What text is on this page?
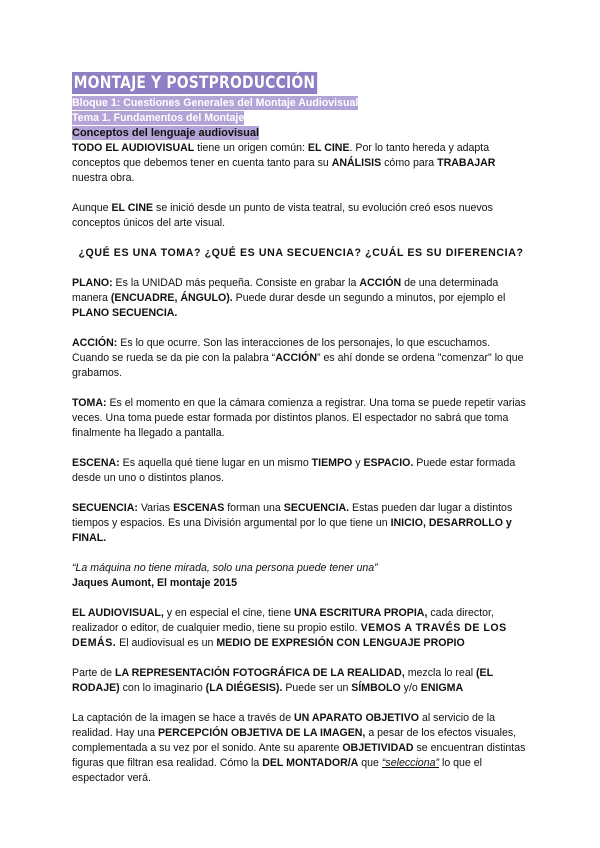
MONTAJE Y POSTPRODUCCIÓN
Bloque 1: Cuestiones Generales del Montaje Audiovisual
Tema 1. Fundamentos del Montaje
Conceptos del lenguaje audiovisual

TODO EL AUDIOVISUAL tiene un origen común: EL CINE. Por lo tanto hereda y adapta conceptos que debemos tener en cuenta tanto para su ANÁLISIS cómo para TRABAJAR nuestra obra.

Aunque EL CINE se inició desde un punto de vista teatral, su evolución creó esos nuevos conceptos únicos del arte visual.

¿QUÉ ES UNA TOMA? ¿QUÉ ES UNA SECUENCIA? ¿CUÁL ES SU DIFERENCIA?

PLANO: Es la UNIDAD más pequeña. Consiste en grabar la ACCIÓN de una determinada manera (ENCUADRE, ÁNGULO). Puede durar desde un segundo a minutos, por ejemplo el PLANO SECUENCIA.

ACCIÓN: Es lo que ocurre. Son las interacciones de los personajes, lo que escuchamos. Cuando se rueda se da pie con la palabra “ACCIÓN” es ahí donde se ordena "comenzar" lo que grabamos.

TOMA: Es el momento en que la cámara comienza a registrar. Una toma se puede repetir varias veces. Una toma puede estar formada por distintos planos. El espectador no sabrá que toma finalmente ha llegado a pantalla.

ESCENA: Es aquella qué tiene lugar en un mismo TIEMPO y ESPACIO. Puede estar formada desde un uno o distintos planos.

SECUENCIA: Varias ESCENAS forman una SECUENCIA. Estas pueden dar lugar a distintos tiempos y espacios. Es una División argumental por lo que tiene un INICIO, DESARROLLO y FINAL.

“La máquina no tiene mirada, solo una persona puede tener una”

Jaques Aumont, El montaje 2015

EL AUDIOVISUAL, y en especial el cine, tiene UNA ESCRITURA PROPIA, cada director, realizador o editor, de cualquier medio, tiene su propio estilo. VEMOS A TRAVÉS DE LOS DEMÁS. El audiovisual es un MEDIO DE EXPRESIÓN CON LENGUAJE PROPIO

Parte de LA REPRESENTACIÓN FOTOGRÁFICA DE LA REALIDAD, mezcla lo real (EL RODAJE) con lo imaginario (LA DIÉGESIS). Puede ser un SÍMBOLO y/o ENIGMA

La captación de la imagen se hace a través de UN APARATO OBJETIVO al servicio de la realidad. Hay una PERCEPCIÓN OBJETIVA DE LA IMAGEN, a pesar de los efectos visuales, complementada a su vez por el sonido. Ante su aparente OBJETIVIDAD se encuentran distintas figuras que filtran esa realidad. Cómo la DEL MONTADOR/A que “selecciona” lo que el espectador verá.
